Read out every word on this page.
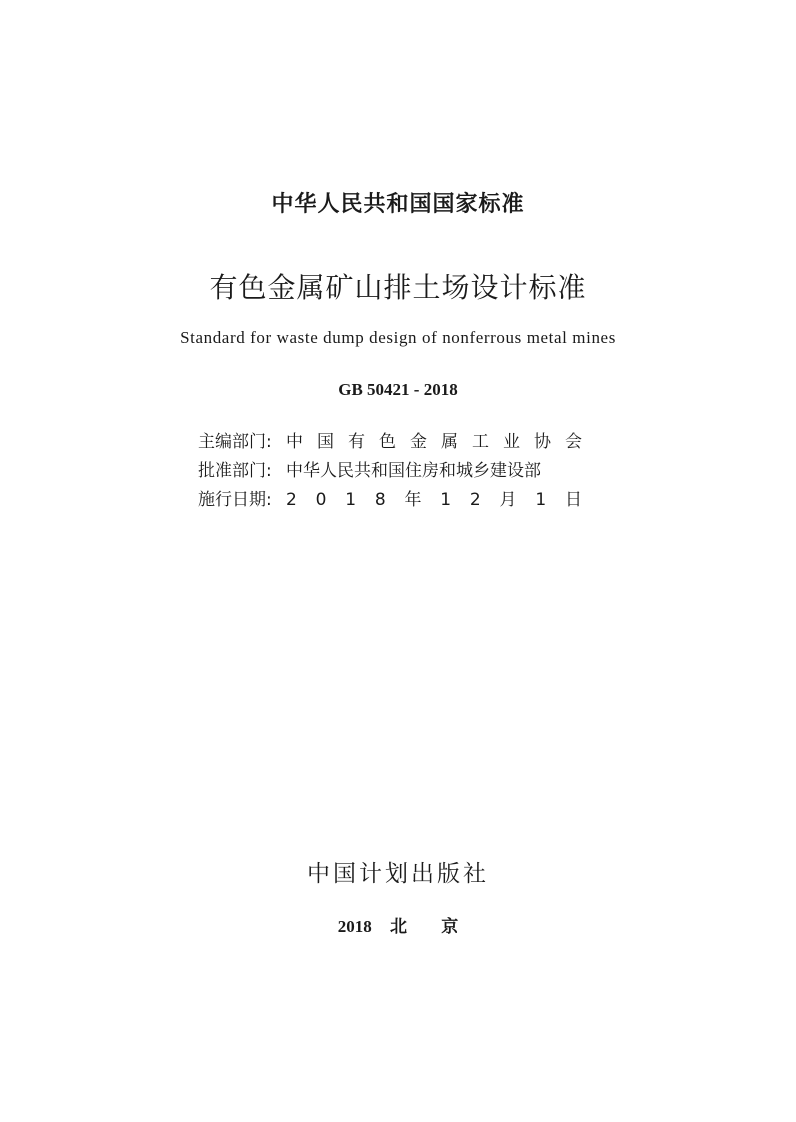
中华人民共和国国家标准
有色金属矿山排土场设计标准
Standard for waste dump design of nonferrous metal mines
GB 50421 - 2018
主编部门: 中 国 有 色 金 属 工 业 协 会
批准部门: 中华人民共和国住房和城乡建设部
施行日期: 2 0 1 8 年 1 2 月 1 日
中国计划出版社
2018 北 京
